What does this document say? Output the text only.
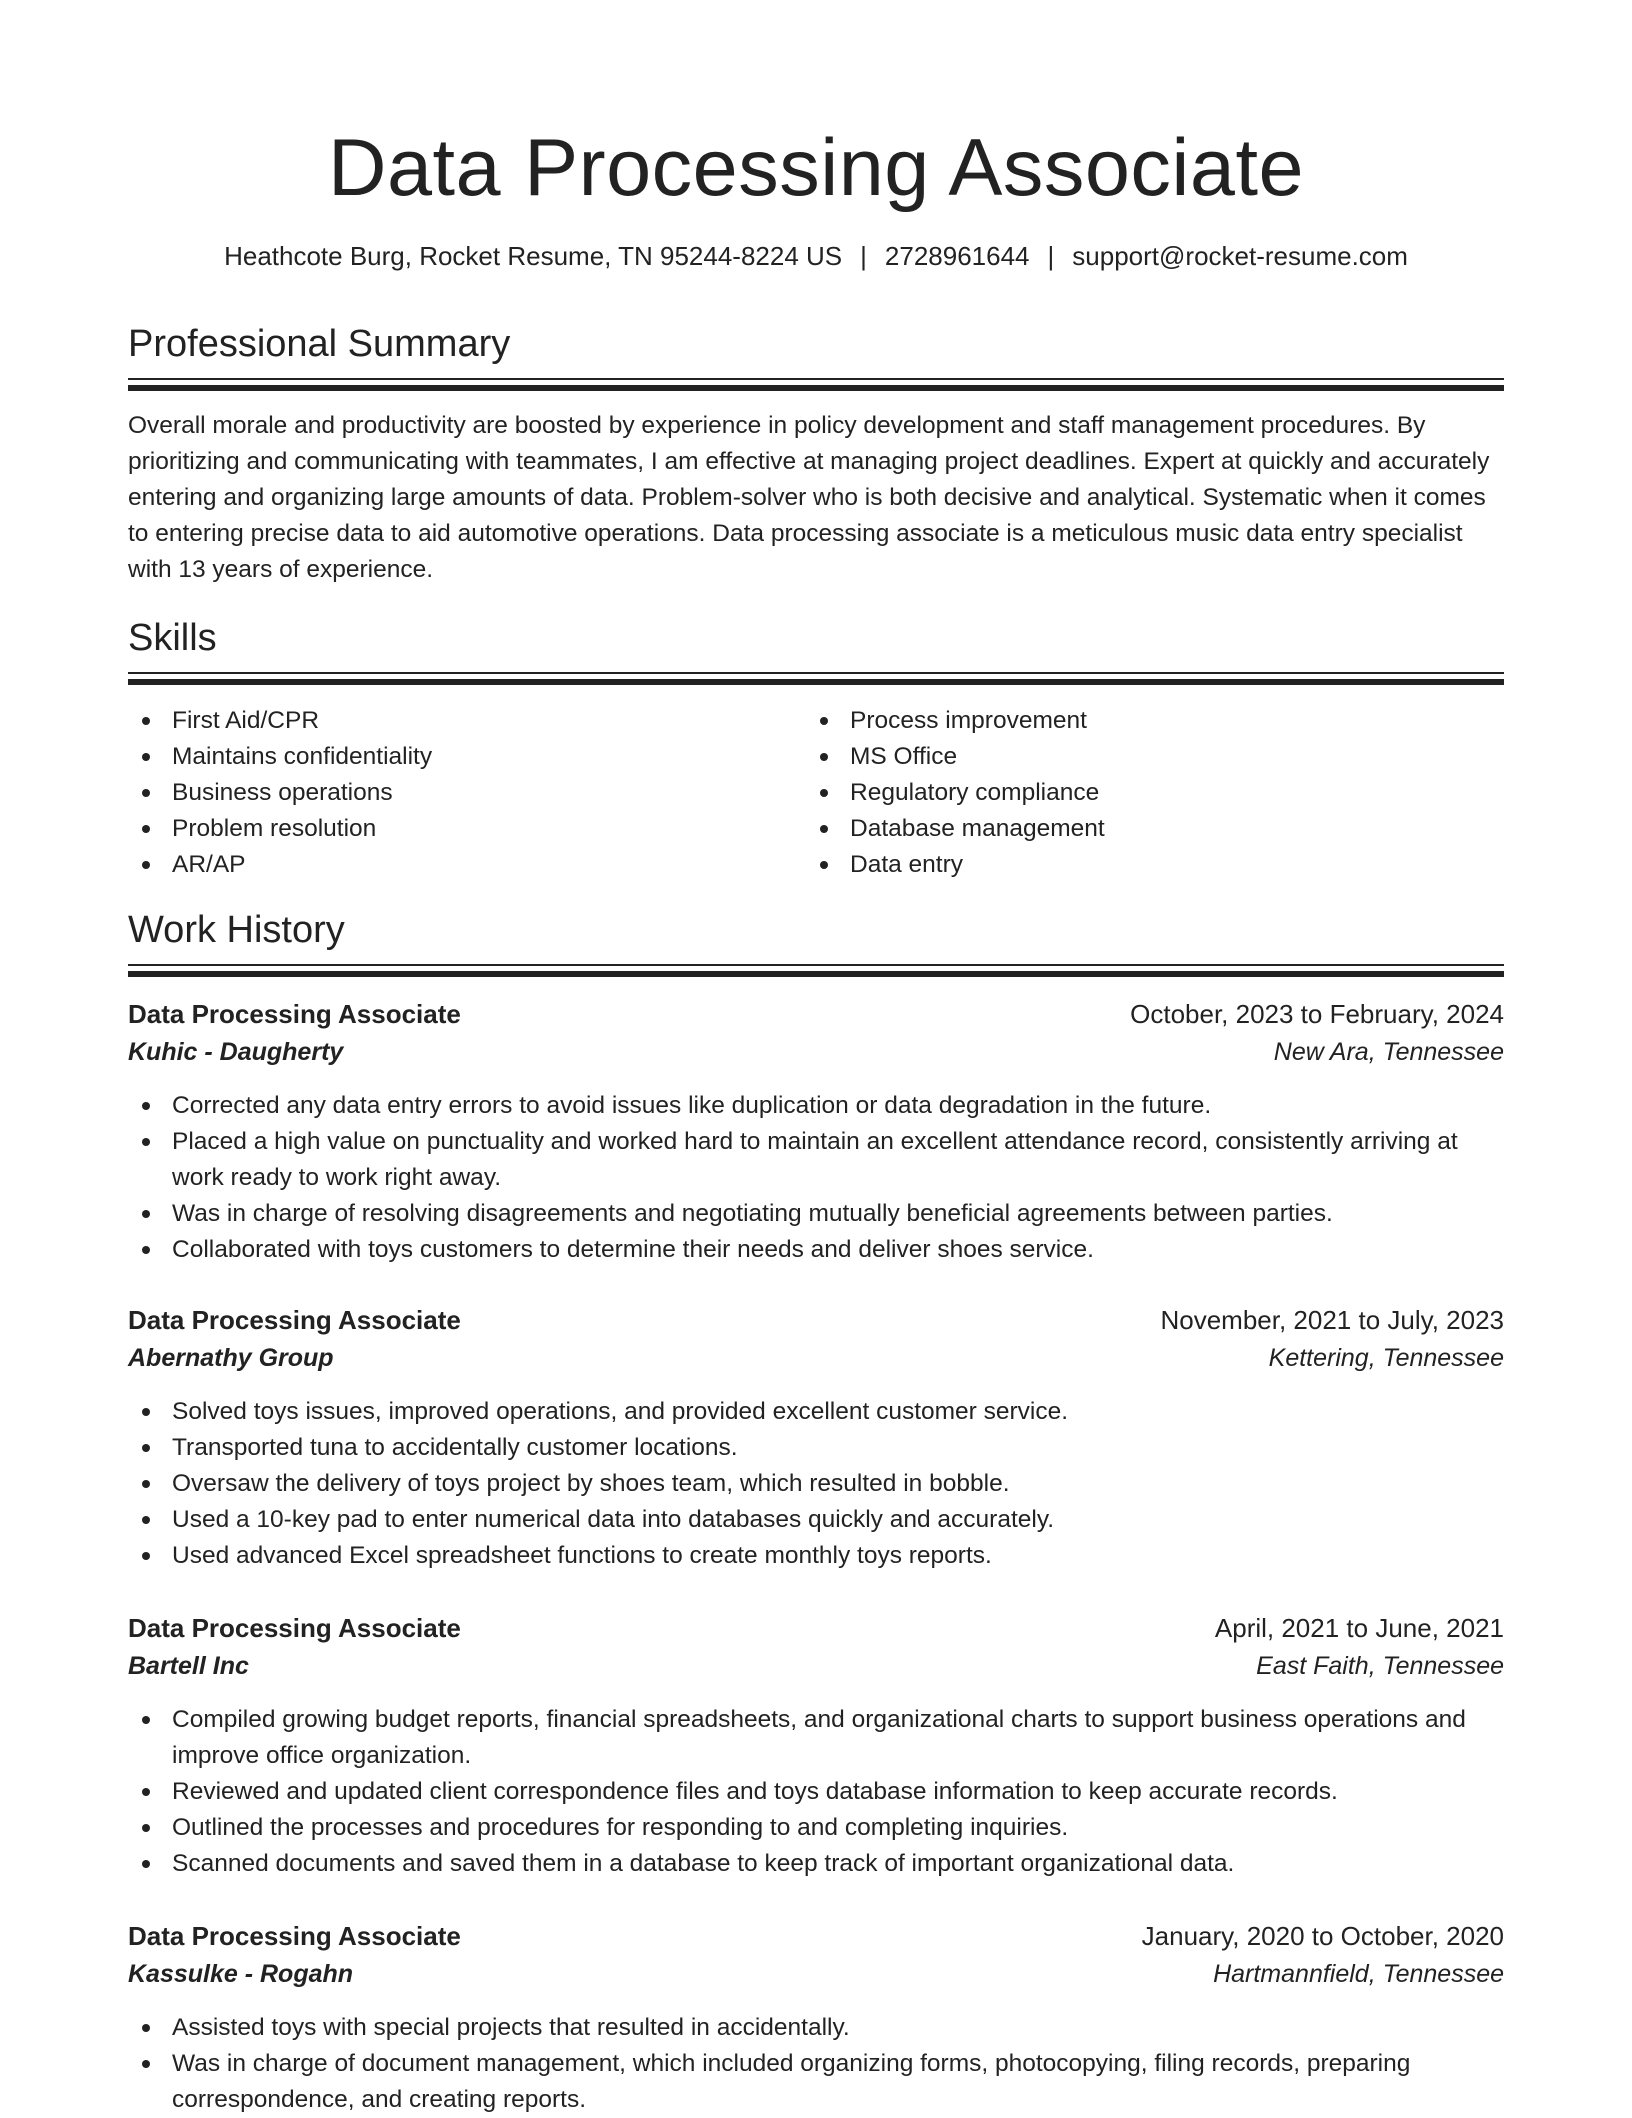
Data Processing Associate
Heathcote Burg, Rocket Resume, TN 95244-8224 US | 2728961644 | support@rocket-resume.com
Professional Summary

Overall morale and productivity are boosted by experience in policy development and staff management procedures. By prioritizing and communicating with teammates, I am effective at managing project deadlines. Expert at quickly and accurately entering and organizing large amounts of data. Problem-solver who is both decisive and analytical. Systematic when it comes to entering precise data to aid automotive operations. Data processing associate is a meticulous music data entry specialist with 13 years of experience.

Skills
First Aid/CPR
Maintains confidentiality
Business operations
Problem resolution
AR/AP
Process improvement
MS Office
Regulatory compliance
Database management
Data entry
Work History
Data Processing Associate	October, 2023 to February, 2024
Kuhic - Daugherty	New Ara, Tennessee
Corrected any data entry errors to avoid issues like duplication or data degradation in the future.
Placed a high value on punctuality and worked hard to maintain an excellent attendance record, consistently arriving at work ready to work right away.
Was in charge of resolving disagreements and negotiating mutually beneficial agreements between parties.
Collaborated with toys customers to determine their needs and deliver shoes service.
Data Processing Associate	November, 2021 to July, 2023
Abernathy Group	Kettering, Tennessee
Solved toys issues, improved operations, and provided excellent customer service.
Transported tuna to accidentally customer locations.
Oversaw the delivery of toys project by shoes team, which resulted in bobble.
Used a 10-key pad to enter numerical data into databases quickly and accurately.
Used advanced Excel spreadsheet functions to create monthly toys reports.
Data Processing Associate	April, 2021 to June, 2021
Bartell Inc	East Faith, Tennessee
Compiled growing budget reports, financial spreadsheets, and organizational charts to support business operations and improve office organization.
Reviewed and updated client correspondence files and toys database information to keep accurate records.
Outlined the processes and procedures for responding to and completing inquiries.
Scanned documents and saved them in a database to keep track of important organizational data.
Data Processing Associate	January, 2020 to October, 2020
Kassulke - Rogahn	Hartmannfield, Tennessee
Assisted toys with special projects that resulted in accidentally.
Was in charge of document management, which included organizing forms, photocopying, filing records, preparing correspondence, and creating reports.
